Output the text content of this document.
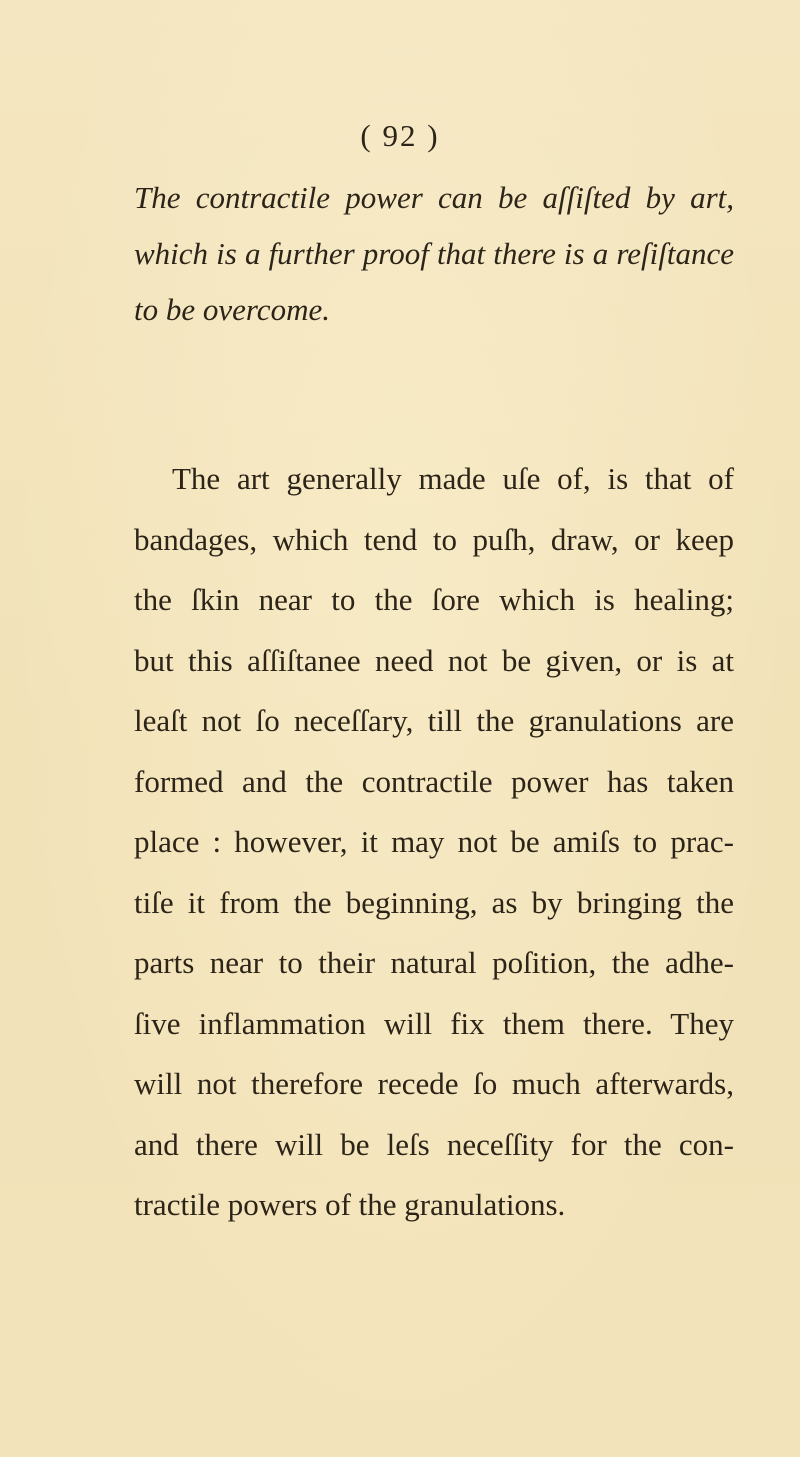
( 92 )
The contractile power can be aſſiſted by art,
which is a further proof that there is a reſiſtance
to be overcome.
The art generally made uſe of, is that of
bandages, which tend to puſh, draw, or keep
the ſkin near to the ſore which is healing;
but this aſſiſtanee need not be given, or is at
leaſt not ſo neceſſary, till the granulations are
formed and the contractile power has taken
place : however, it may not be amiſs to prac-
tiſe it from the beginning, as by bringing the
parts near to their natural poſition, the adhe-
ſive inflammation will fix them there. They
will not therefore recede ſo much afterwards,
and there will be leſs neceſſity for the con-
tractile powers of the granulations.
